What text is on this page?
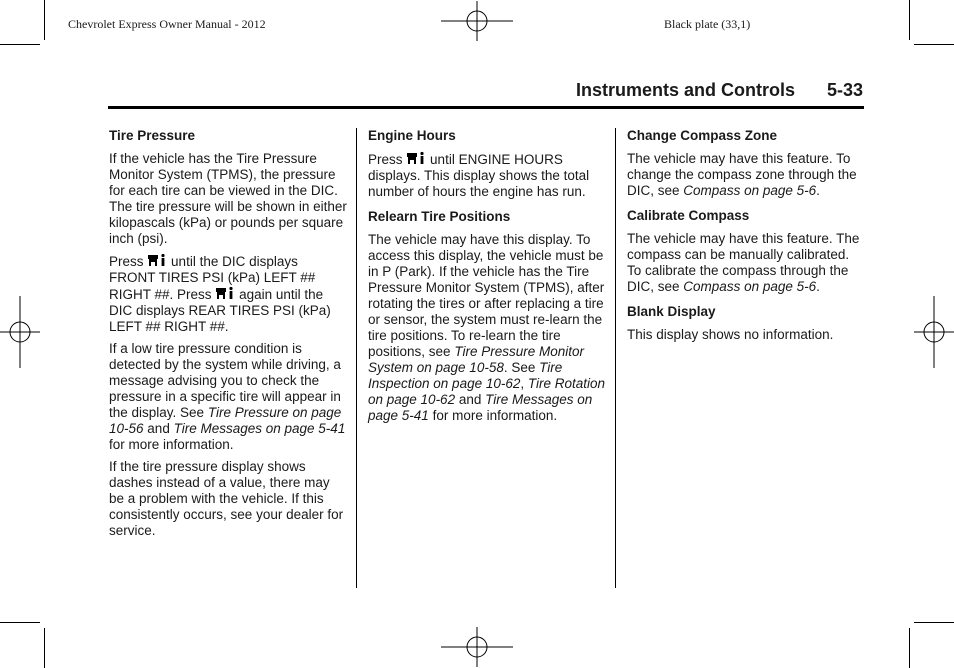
Chevrolet Express Owner Manual - 2012	Black plate (33,1)
Instruments and Controls 5-33
Tire Pressure

If the vehicle has the Tire Pressure Monitor System (TPMS), the pressure for each tire can be viewed in the DIC. The tire pressure will be shown in either kilopascals (kPa) or pounds per square inch (psi).

Press until the DIC displays FRONT TIRES PSI (kPa) LEFT ## RIGHT ##. Press again until the DIC displays REAR TIRES PSI (kPa) LEFT ## RIGHT ##.

If a low tire pressure condition is detected by the system while driving, a message advising you to check the pressure in a specific tire will appear in the display. See Tire Pressure on page 10-56 and Tire Messages on page 5-41 for more information.

If the tire pressure display shows dashes instead of a value, there may be a problem with the vehicle. If this consistently occurs, see your dealer for service.

Engine Hours

Press until ENGINE HOURS displays. This display shows the total number of hours the engine has run.

Relearn Tire Positions

The vehicle may have this display. To access this display, the vehicle must be in P (Park). If the vehicle has the Tire Pressure Monitor System (TPMS), after rotating the tires or after replacing a tire or sensor, the system must re-learn the tire positions. To re-learn the tire positions, see Tire Pressure Monitor System on page 10-58. See Tire Inspection on page 10-62, Tire Rotation on page 10-62 and Tire Messages on page 5-41 for more information.

Change Compass Zone

The vehicle may have this feature. To change the compass zone through the DIC, see Compass on page 5-6.

Calibrate Compass

The vehicle may have this feature. The compass can be manually calibrated. To calibrate the compass through the DIC, see Compass on page 5-6.

Blank Display

This display shows no information.
